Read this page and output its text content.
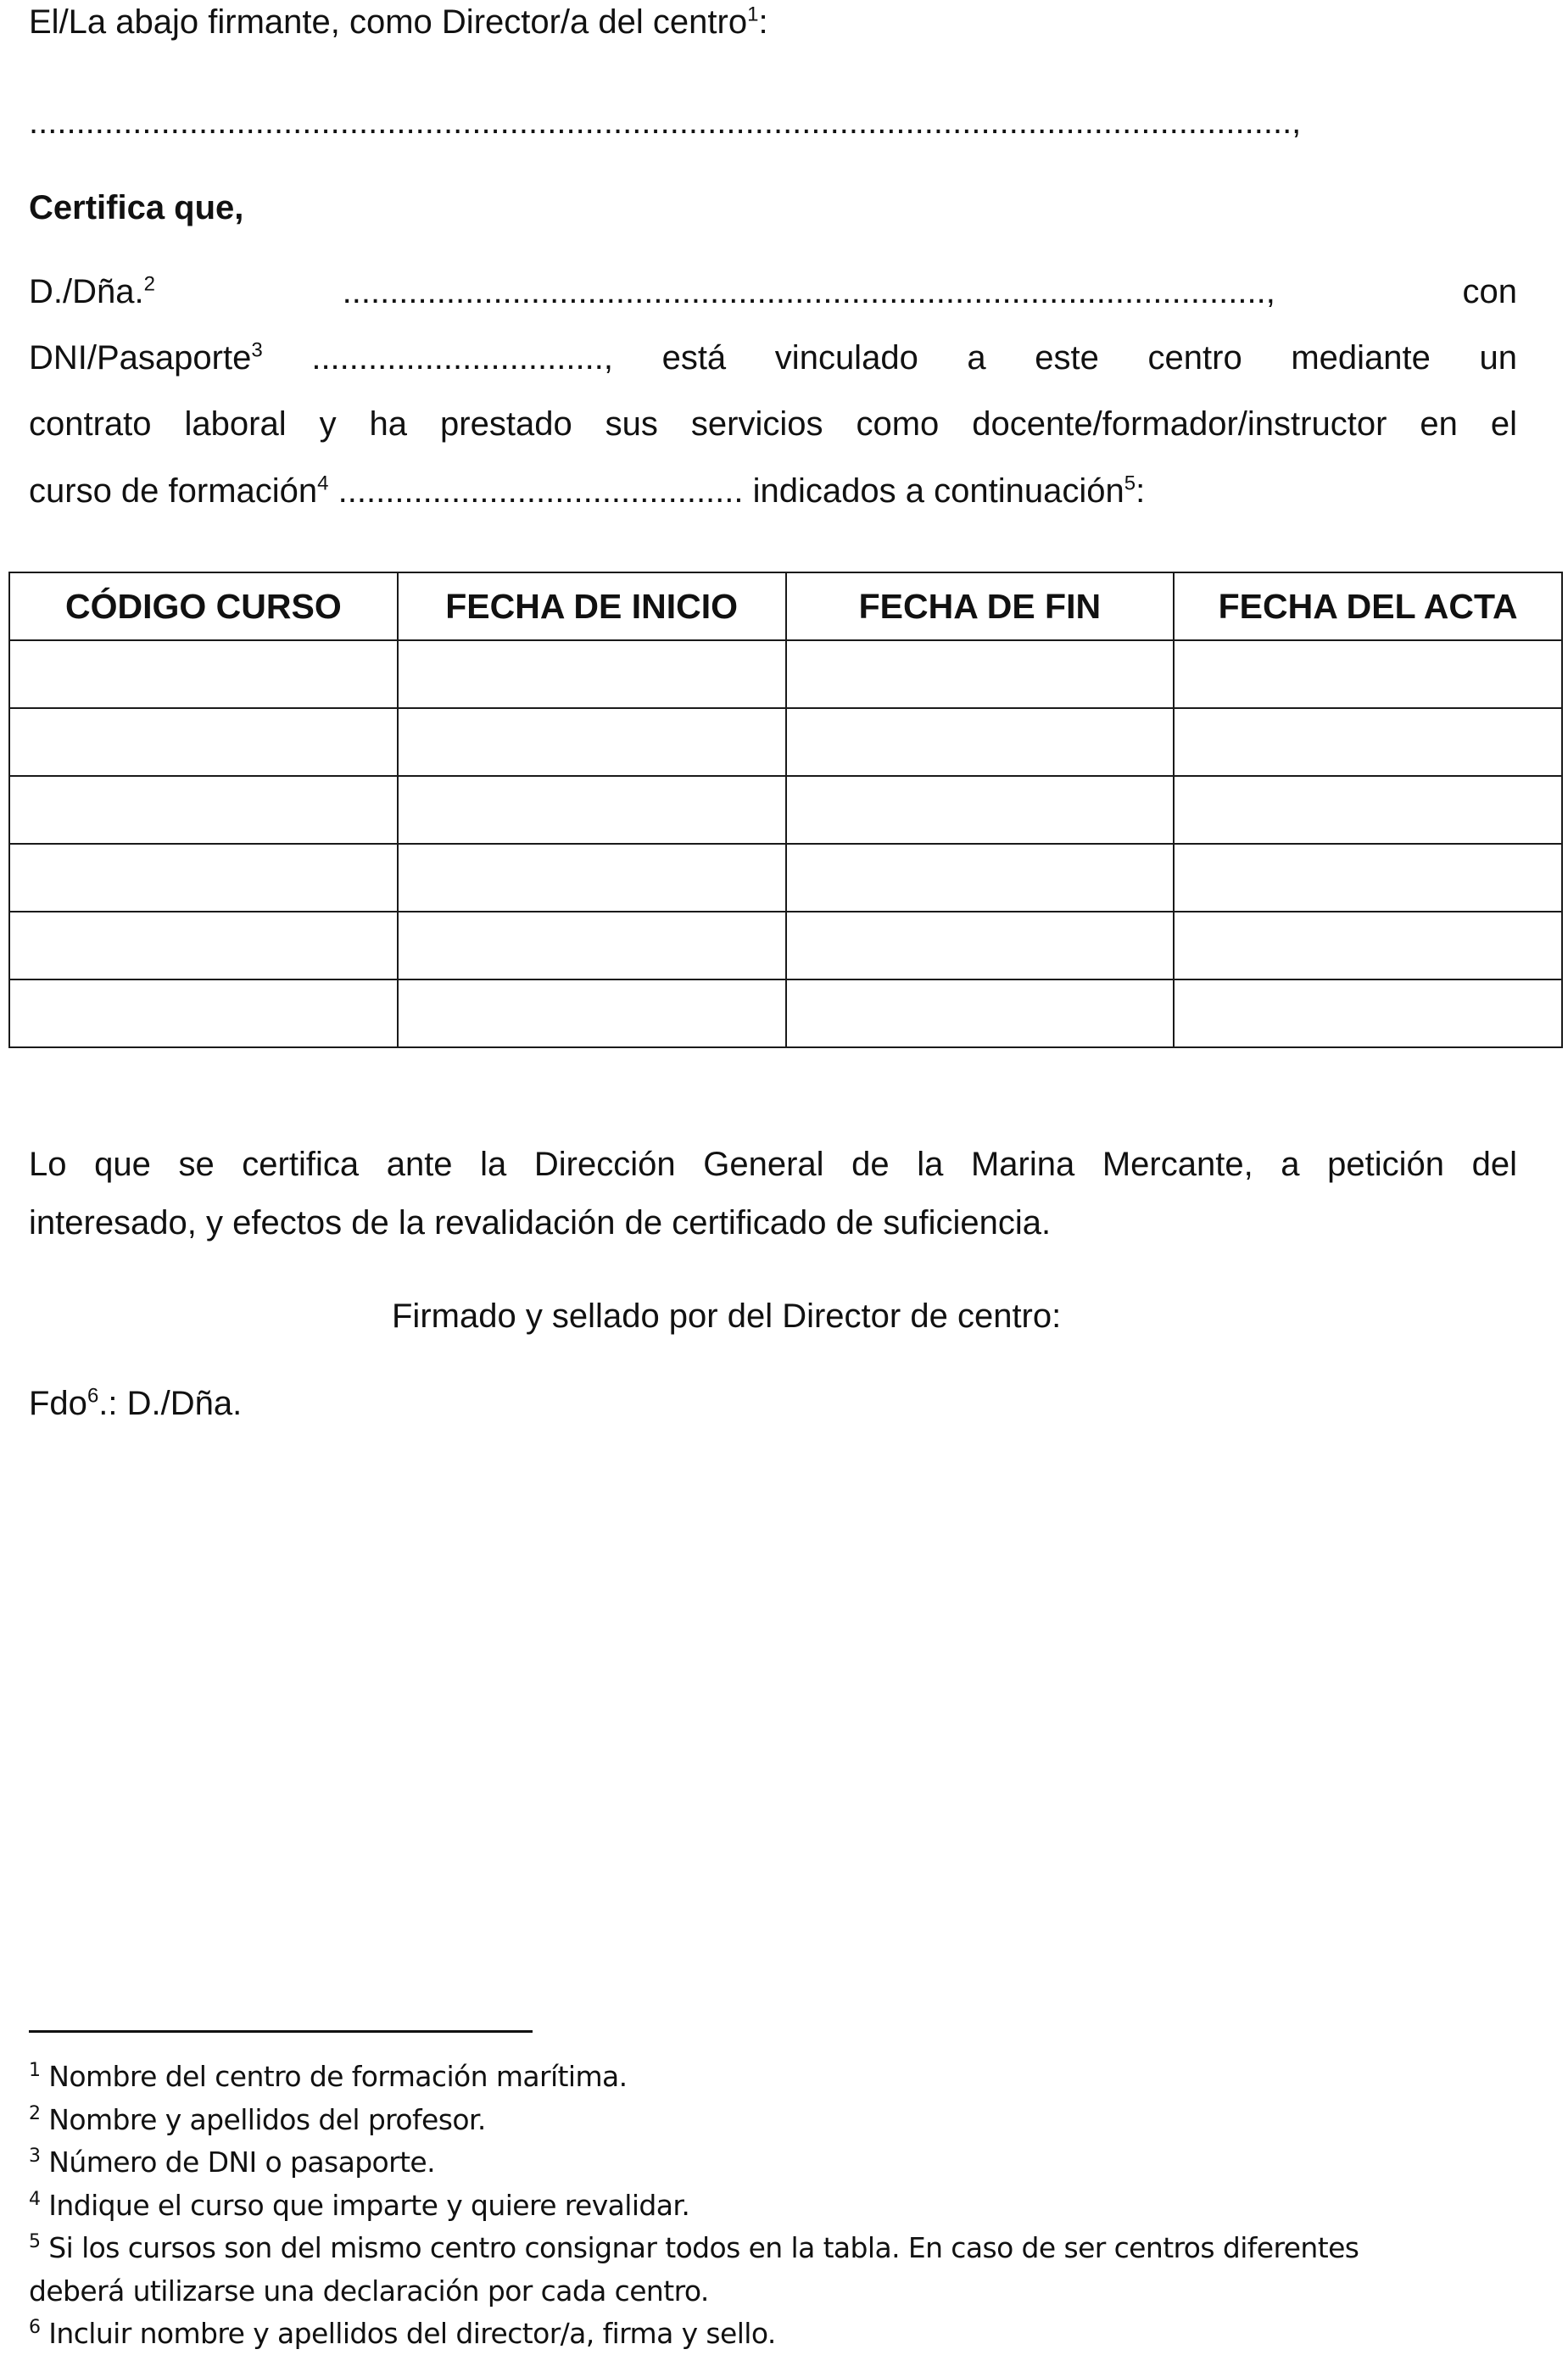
El/La abajo firmante, como Director/a del centro$^1$:
......................................................................................................................................,
Certifica que,
D./Dña.$^2$	..................................................................................................,	con
DNI/Pasaporte$^3$ ..............................., está vinculado a este centro mediante un
contrato laboral y ha prestado sus servicios como docente/formador/instructor en el
curso de formación$^4$ ........................................... indicados a continuación$^5$:
CÓDIGO CURSO	FECHA DE INICIO	FECHA DE FIN	FECHA DEL ACTA

Lo que se certifica ante la Dirección General de la Marina Mercante, a petición del
interesado, y efectos de la revalidación de certificado de suficiencia.
Firmado y sellado por del Director de centro:
Fdo$^6$.: D./Dña.
$^1$ Nombre del centro de formación marítima.
$^2$ Nombre y apellidos del profesor.
$^3$ Número de DNI o pasaporte.
$^4$ Indique el curso que imparte y quiere revalidar.
$^5$ Si los cursos son del mismo centro consignar todos en la tabla. En caso de ser centros diferentes
deberá utilizarse una declaración por cada centro.
$^6$ Incluir nombre y apellidos del director/a, firma y sello.
